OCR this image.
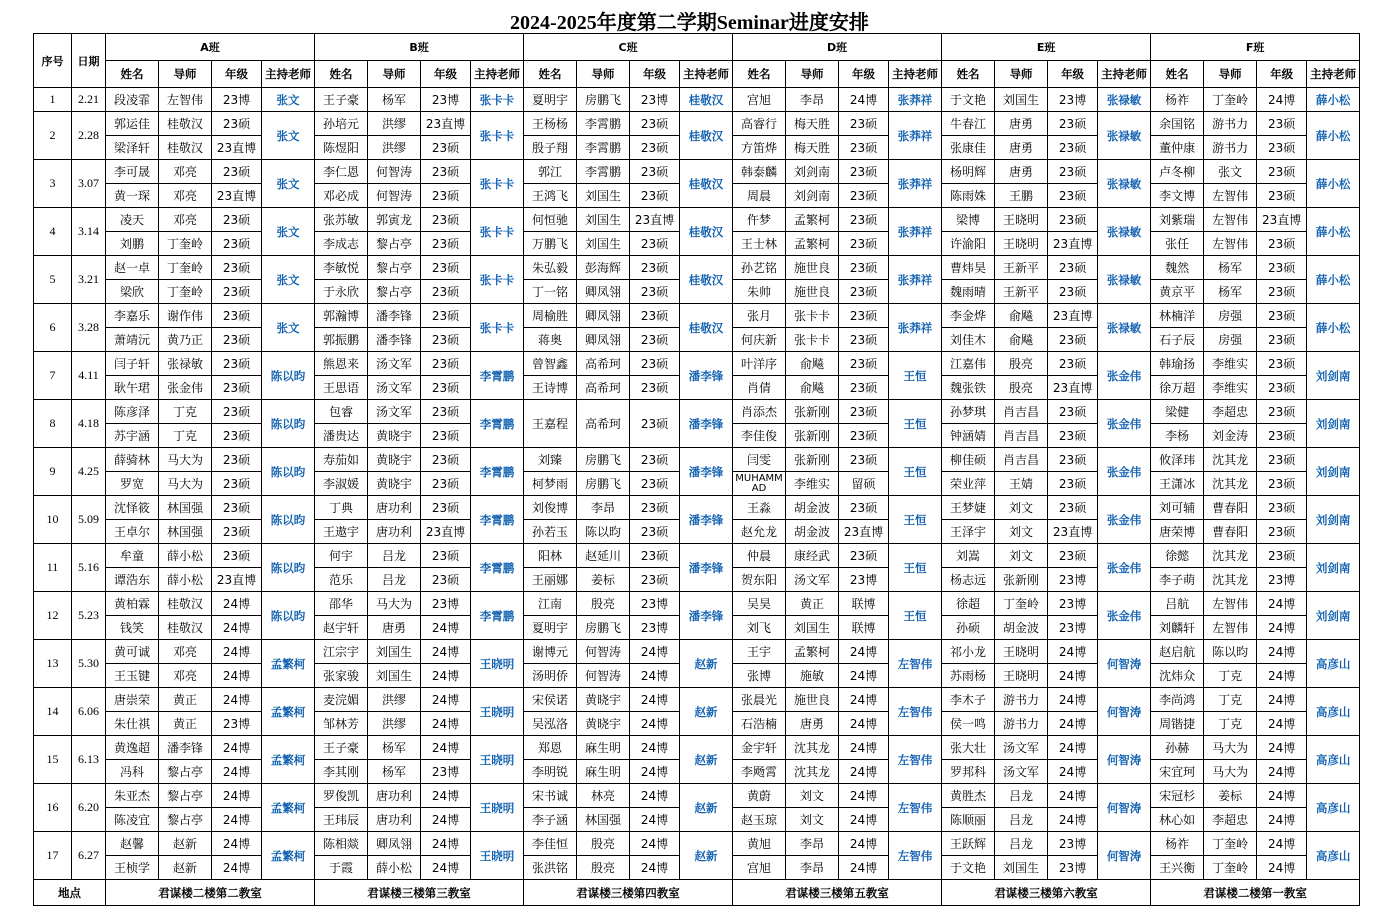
2024-2025年度第二学期Seminar进度安排
序号	日期	A班				B班				C班				D班				E班				F班			
		姓名	导师	年级	主持老师	姓名	导师	年级	主持老师	姓名	导师	年级	主持老师	姓名	导师	年级	主持老师	姓名	导师	年级	主持老师	姓名	导师	年级	主持老师
1	2.21	段凌霏	左智伟	23博	张文	王子豪	杨军	23博	张卡卡	夏明宇	房鹏飞	23博	桂敬汉	宫旭	李昂	24博	张莽祥	于文艳	刘国生	23博	张禄敏	杨祚	丁奎岭	24博	薛小松
2	2.28	郭运佳	桂敬汉	23硕	张文	孙培元	洪缪	23直博	张卡卡	王杨杨	李霄鹏	23硕	桂敬汉	高睿行	梅天胜	23硕	张莽祥	牛春江	唐勇	23硕	张禄敏	余国铭	游书力	23硕	薛小松
		梁泽轩	桂敬汉	23直博		陈煜阳	洪缪	23硕		殷子翔	李霄鹏	23硕		方笛烨	梅天胜	23硕		张康佳	唐勇	23硕		董仲康	游书力	23硕	
3	3.07	李可晟	邓亮	23硕	张文	李仁恩	何智涛	23硕	张卡卡	郭江	李霄鹏	23硕	桂敬汉	韩泰麟	刘剑南	23硕	张莽祥	杨明辉	唐勇	23硕	张禄敏	卢冬柳	张文	23硕	薛小松
		黄一琛	邓亮	23直博		邓必成	何智涛	23硕		王鸿飞	刘国生	23硕		周晨	刘剑南	23硕		陈雨姝	王鹏	23硕		李文博	左智伟	23硕	
4	3.14	凌天	邓亮	23硕	张文	张苏敏	郭寅龙	23硕	张卡卡	何恒驰	刘国生	23直博	桂敬汉	仵梦	孟繁柯	23硕	张莽祥	梁博	王晓明	23硕	张禄敏	刘紫瑞	左智伟	23直博	薛小松
		刘鹏	丁奎岭	23硕		李成志	黎占亭	23硕		万鹏飞	刘国生	23硕		王士林	孟繁柯	23硕		许渝阳	王晓明	23直博		张任	左智伟	23硕	
5	3.21	赵一卓	丁奎岭	23硕	张文	李敏悦	黎占亭	23硕	张卡卡	朱弘毅	彭海辉	23硕	桂敬汉	孙艺铭	施世良	23硕	张莽祥	曹炜昊	王新平	23硕	张禄敏	魏然	杨军	23硕	薛小松
		梁欣	丁奎岭	23硕		于永欣	黎占亭	23硕		丁一铭	卿凤翎	23硕		朱帅	施世良	23硕		魏雨晴	王新平	23硕		黄京平	杨军	23硕	
6	3.28	李嘉乐	谢作伟	23硕	张文	郭瀚博	潘李锋	23硕	张卡卡	周榆胜	卿凤翎	23硕	桂敬汉	张月	张卡卡	23硕	张莽祥	李金烨	俞飚	23直博	张禄敏	林楠洋	房强	23硕	薛小松
		萧靖沅	黄乃正	23硕		郭振鹏	潘李锋	23硕		蒋奥	卿凤翎	23硕		何庆新	张卡卡	23硕		刘佳木	俞飚	23硕		石子辰	房强	23硕	
7	4.11	闫子轩	张禄敏	23硕	陈以昀	熊恩来	汤文军	23硕	李霄鹏	曾智鑫	高希珂	23硕	潘李锋	叶洋序	俞飚	23硕	王恒	江嘉伟	殷亮	23硕	张金伟	韩瑜扬	李维实	23硕	刘剑南
		耿午珺	张金伟	23硕		王思语	汤文军	23硕		王诗博	高希珂	23硕		肖倩	俞飚	23硕		魏张铁	殷亮	23直博		徐万超	李维实	23硕	
8	4.18	陈彦泽	丁克	23硕	陈以昀	包睿	汤文军	23硕	李霄鹏	王嘉程	高希珂	23硕	潘李锋	肖添杰	张新刚	23硕	王恒	孙梦琪	肖吉昌	23硕	张金伟	梁健	李超忠	23硕	刘剑南
		苏宇涵	丁克	23硕		潘贵达	黄晓宇	23硕						李佳俊	张新刚	23硕		钟涵婧	肖吉昌	23硕		李杨	刘金涛	23硕	
9	4.25	薛骑林	马大为	23硕	陈以昀	寿茄如	黄晓宇	23硕	李霄鹏	刘臻	房鹏飞	23硕	潘李锋	闫雯	张新刚	23硕	王恒	柳佳硕	肖吉昌	23硕	张金伟	攸泽玮	沈其龙	23硕	刘剑南
		罗宽	马大为	23硕		李淑媛	黄晓宇	23硕		柯梦雨	房鹏飞	23硕		MUHAMMAD	李维实	留硕		荣业萍	王婧	23硕		王潇冰	沈其龙	23硕	
10	5.09	沈怿筱	林国强	23硕	陈以昀	丁典	唐功利	23硕	李霄鹏	刘俊博	李昂	23硕	潘李锋	王淼	胡金波	23硕	王恒	王梦婕	刘文	23硕	张金伟	刘可辅	曹春阳	23硕	刘剑南
		王卓尔	林国强	23硕		王遨宇	唐功利	23直博		孙若玉	陈以昀	23硕		赵允龙	胡金波	23直博		王泽宇	刘文	23直博		唐荣博	曹春阳	23硕	
11	5.16	牟童	薛小松	23硕	陈以昀	何宇	吕龙	23硕	李霄鹏	阳林	赵延川	23硕	潘李锋	仲晨	康经武	23硕	王恒	刘嵩	刘文	23硕	张金伟	徐懿	沈其龙	23硕	刘剑南
		谭浩东	薛小松	23直博		范乐	吕龙	23硕		王丽娜	姜标	23硕		贺东阳	汤文军	23博		杨志远	张新刚	23博		李子萌	沈其龙	23博	
12	5.23	黄柏霖	桂敬汉	24博	陈以昀	邵华	马大为	23博	李霄鹏	江南	殷亮	23博	潘李锋	吴昊	黄正	联博	王恒	徐超	丁奎岭	23博	张金伟	吕航	左智伟	24博	刘剑南
		钱笑	桂敬汉	24博		赵宇轩	唐勇	24博		夏明宇	房鹏飞	23博		刘飞	刘国生	联博		孙硕	胡金波	23博		刘麟轩	左智伟	24博	
13	5.30	黄可诚	邓亮	24博	孟繁柯	江宗宇	刘国生	24博	王晓明	谢博元	何智涛	24博	赵新	王宇	孟繁柯	24博	左智伟	祁小龙	王晓明	24博	何智涛	赵启航	陈以昀	24博	高彦山
		王玉键	邓亮	24博		张家骏	刘国生	24博		汤明侨	何智涛	24博		张博	施敏	24博		苏雨杨	王晓明	24博		沈炜众	丁克	24博	
14	6.06	唐崇荣	黄正	24博	孟繁柯	麦浣媚	洪缪	24博	王晓明	宋侯诺	黄晓宇	24博	赵新	张晨光	施世良	24博	左智伟	李木子	游书力	24博	何智涛	李尚鸿	丁克	24博	高彦山
		朱仕祺	黄正	23博		邹林芳	洪缪	24博		吴泓洛	黄晓宇	24博		石浩楠	唐勇	24博		侯一鸣	游书力	24博		周锴捷	丁克	24博	
15	6.13	黄逸超	潘李锋	24博	孟繁柯	王子豪	杨军	24博	王晓明	郑恩	麻生明	24博	赵新	金宇轩	沈其龙	24博	左智伟	张大壮	汤文军	24博	何智涛	孙赫	马大为	24博	高彦山
		冯科	黎占亭	24博		李其刚	杨军	23博		李明锐	麻生明	24博		李飏霄	沈其龙	24博		罗邦科	汤文军	24博		宋宜珂	马大为	24博	
16	6.20	朱亚杰	黎占亭	24博	孟繁柯	罗俊凯	唐功利	24博	王晓明	宋书诚	林亮	24博	赵新	黄蔚	刘文	24博	左智伟	黄胜杰	吕龙	24博	何智涛	宋冠杉	姜标	24博	高彦山
		陈凌宜	黎占亭	24博		王玮辰	唐功利	24博		李子涵	林国强	24博		赵玉琼	刘文	24博		陈顺丽	吕龙	24博		林心如	李超忠	24博	
17	6.27	赵馨	赵新	24博	孟繁柯	陈相燚	卿凤翎	24博	王晓明	李佳恒	殷亮	24博	赵新	黄旭	李昂	24博	左智伟	王跃辉	吕龙	23博	何智涛	杨祚	丁奎岭	24博	高彦山
		王桢学	赵新	24博		于霞	薛小松	24博		张洪铭	殷亮	24博		宫旭	李昂	24博		于文艳	刘国生	23博		王兴衡	丁奎岭	24博	
地点		君谋楼二楼第二教室				君谋楼三楼第三教室				君谋楼三楼第四教室				君谋楼三楼第五教室				君谋楼三楼第六教室				君谋楼二楼第一教室			
